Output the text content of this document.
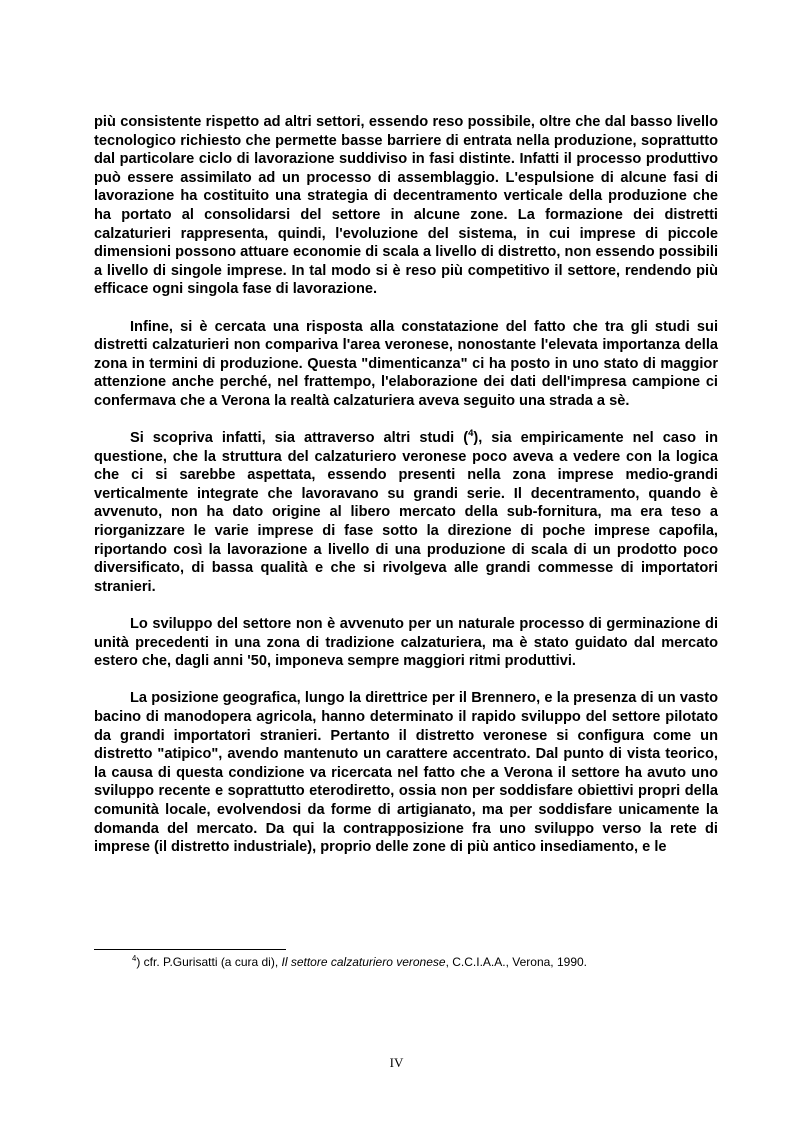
più consistente rispetto ad altri settori, essendo reso possibile, oltre che dal basso livello tecnologico richiesto che permette basse barriere di entrata nella produzione, soprattutto dal particolare ciclo di lavorazione suddiviso in fasi distinte. Infatti il processo produttivo può essere assimilato ad un processo di assemblaggio. L'espulsione di alcune fasi di lavorazione ha costituito una strategia di decentramento verticale della produzione che ha portato al consolidarsi del settore in alcune zone. La formazione dei distretti calzaturieri rappresenta, quindi, l'evoluzione del sistema, in cui imprese di piccole dimensioni possono attuare economie di scala a livello di distretto, non essendo possibili a livello di singole imprese. In tal modo si è reso più competitivo il settore, rendendo più efficace ogni singola fase di lavorazione.

Infine, si è cercata una risposta alla constatazione del fatto che tra gli studi sui distretti calzaturieri non compariva l'area veronese, nonostante l'elevata importanza della zona in termini di produzione. Questa "dimenticanza" ci ha posto in uno stato di maggior attenzione anche perché, nel frattempo, l'elaborazione dei dati dell'impresa campione ci confermava che a Verona la realtà calzaturiera aveva seguito una strada a sè.

Si scopriva infatti, sia attraverso altri studi ($^4$), sia empiricamente nel caso in questione, che la struttura del calzaturiero veronese poco aveva a vedere con la logica che ci si sarebbe aspettata, essendo presenti nella zona imprese medio-grandi verticalmente integrate che lavoravano su grandi serie. Il decentramento, quando è avvenuto, non ha dato origine al libero mercato della sub-fornitura, ma era teso a riorganizzare le varie imprese di fase sotto la direzione di poche imprese capofila, riportando così la lavorazione a livello di una produzione di scala di un prodotto poco diversificato, di bassa qualità e che si rivolgeva alle grandi commesse di importatori stranieri.

Lo sviluppo del settore non è avvenuto per un naturale processo di germinazione di unità precedenti in una zona di tradizione calzaturiera, ma è stato guidato dal mercato estero che, dagli anni '50, imponeva sempre maggiori ritmi produttivi.

La posizione geografica, lungo la direttrice per il Brennero, e la presenza di un vasto bacino di manodopera agricola, hanno determinato il rapido sviluppo del settore pilotato da grandi importatori stranieri. Pertanto il distretto veronese si configura come un distretto "atipico", avendo mantenuto un carattere accentrato. Dal punto di vista teorico, la causa di questa condizione va ricercata nel fatto che a Verona il settore ha avuto uno sviluppo recente e soprattutto eterodiretto, ossia non per soddisfare obiettivi propri della comunità locale, evolvendosi da forme di artigianato, ma per soddisfare unicamente la domanda del mercato. Da qui la contrapposizione fra uno sviluppo verso la rete di imprese (il distretto industriale), proprio delle zone di più antico insediamento, e le

$^4$) cfr. P.Gurisatti (a cura di), Il settore calzaturiero veronese, C.C.I.A.A., Verona, 1990.
IV
